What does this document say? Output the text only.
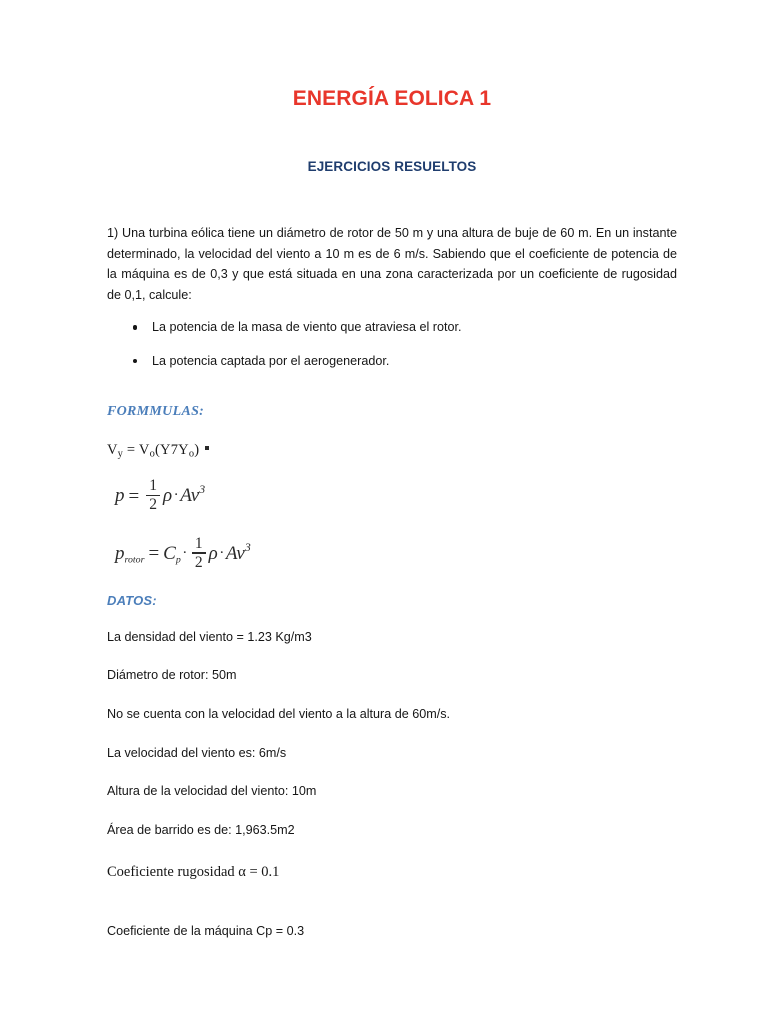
ENERGÍA EOLICA 1
EJERCICIOS RESUELTOS

1) Una turbina eólica tiene un diámetro de rotor de 50 m y una altura de buje de 60 m. En un instante determinado, la velocidad del viento a 10 m es de 6 m/s. Sabiendo que el coeficiente de potencia de la máquina es de 0,3 y que está situada en una zona caracterizada por un coeficiente de rugosidad de 0,1, calcule:

La potencia de la masa de viento que atraviesa el rotor.
La potencia captada por el aerogenerador.

FORMMULAS:

$V_y = V_o(Y7Y_o)$

$p = \frac{1}{2} \rho\cdot Av^3$
$p_{rotor} = C_p\cdot \frac{1}{2} \rho\cdot Av^3$

DATOS:

La densidad del viento = 1.23 Kg/m3

Diámetro de rotor: 50m

No se cuenta con la velocidad del viento a la altura de 60m/s.

La velocidad del viento es: 6m/s

Altura de la velocidad del viento: 10m

Área de barrido es de: 1,963.5m2

Coeficiente rugosidad α = 0.1

Coeficiente de la máquina Cp = 0.3
